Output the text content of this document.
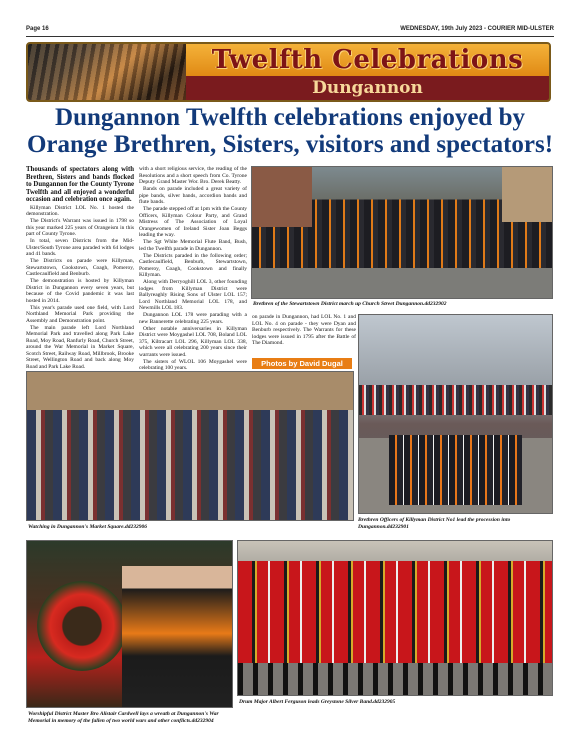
Page 16	WEDNESDAY, 19th July 2023 - COURIER MID-ULSTER
Twelfth Celebrations
Dungannon
Dungannon Twelfth celebrations enjoyed by Orange Brethren, Sisters, visitors and spectators!

Thousands of spectators along with Brethren, Sisters and bands flocked to Dungannon for the County Tyrone Twelfth and all enjoyed a wonderful occasion and celebration once again.

Killyman District LOL No. 1 hosted the demonstration.

The District's Warrant was issued in 1798 so this year marked 225 years of Orangeism in this part of County Tyrone.

In total, seven Districts from the Mid-Ulster/South Tyrone area paraded with 64 lodges and 41 bands.

The Districts on parade were Killyman, Stewartstown, Cookstown, Coagh, Pomeroy, Castlecaulfield and Benburb.

The demonstration is hosted by Killyman District in Dungannon every seven years, but because of the Covid pandemic it was last hosted in 2014.

This year's parade used one field, with Lord Northland Memorial Park providing the Assembly and Demonstration point.

The main parade left Lord Northland Memorial Park and travelled along Park Lake Road, Moy Road, Ranfurly Road, Church Street, around the War Memorial in Market Square, Scotch Street, Railway Road, Millbrook, Brooke Street, Wellington Road and back along Moy Road and Park Lake Road.

with a short religious service, the reading of the Resolutions and a short speech from Co. Tyrone Deputy Grand Master Wor. Bro. Derek Beatty.

Bands on parade included a great variety of pipe bands, silver bands, accordion bands and flute bands.

The parade stepped off at 1pm with the County Officers, Killyman Colour Party, and Grand Mistress of The Association of Loyal Orangewomen of Ireland Sister Joan Beggs leading the way.

The Sgt White Memorial Flute Band, Bush, led the Twelfth parade in Dungannon.

The Districts paraded in the following order; Castlecaulfield, Benburb, Stewartstown, Pomeroy, Coagh, Cookstown and finally Killyman.

Along with Derryoghill LOL 3, other founding lodges from Killyman District were Ballyreaghly Rising Sons of Ulster LOL 157; Lord Northland Memorial LOL 178, and Newmills LOL 183.

Dungannon LOL 178 were parading with a new Bannerette celebrating 225 years.

Other notable anniversaries in Killyman District were Moygashel LOL 708, Boland LOL 375, Kiltracart LOL 296, Killyman LOL 338, which were all celebrating 200 years since their warrants were issued.

The sisters of WLOL 106 Moygashel were celebrating 100 years.

on parade in Dungannon, had LOL No. 1 and LOL No. 4 on parade - they were Dyan and Benburb respectively. The Warrants for these lodges were issued in 1795 after the Battle of The Diamond.

Brethren of the Stewartstown District march up Church Street Dungannon.dd232902
Photos by David Dugal
Brethren Officers of Killyman District No1 lead the procession into Dungannon.dd232901
Watching in Dungannon's Market Square.dd232906
Worshipful District Master Bro Alistair Cardwell lays a wreath at Dungannon's War Memorial in memory of the fallen of two world wars and other conflicts.dd232904
Drum Major Albert Ferguson leads Greystone Silver Band.dd232905
